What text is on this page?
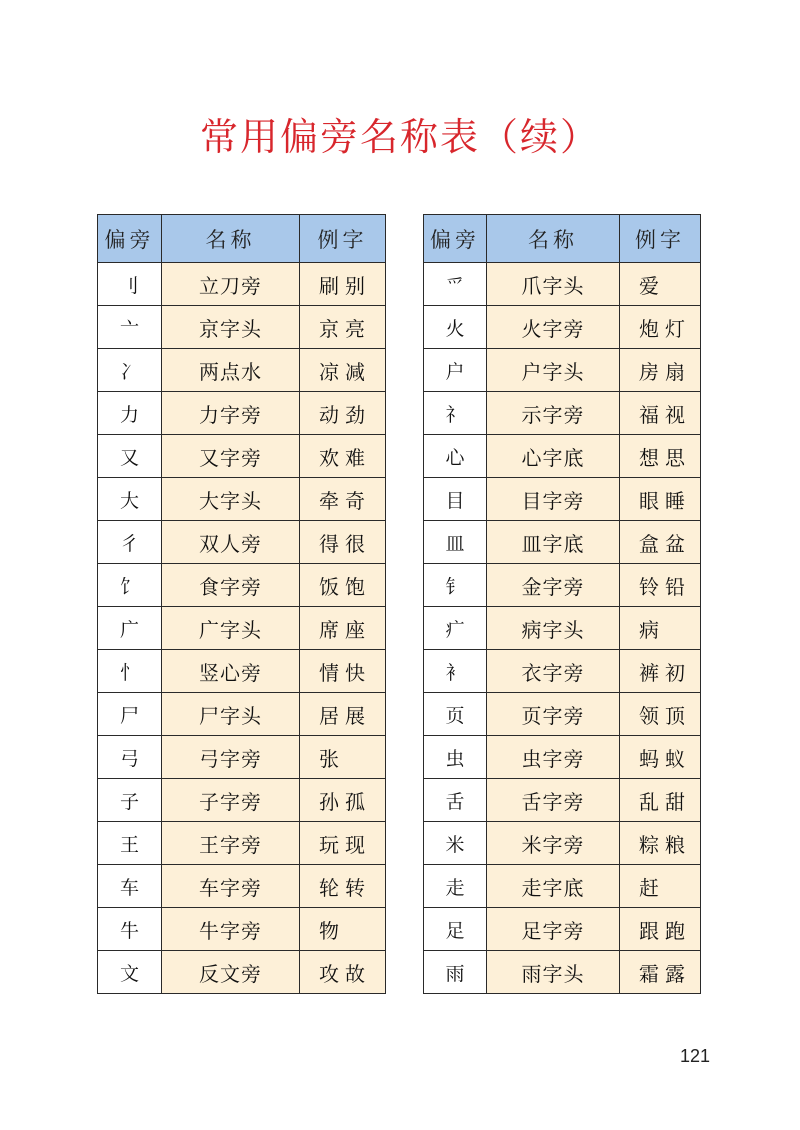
常用偏旁名称表（续）
偏旁	名称	例字
刂	立刀旁	刷别
亠	京字头	京亮
冫	两点水	凉减
力	力字旁	动劲
又	又字旁	欢难
大	大字头	牵奇
彳	双人旁	得很
饣	食字旁	饭饱
广	广字头	席座
忄	竖心旁	情快
尸	尸字头	居展
弓	弓字旁	张
子	子字旁	孙孤
王	王字旁	玩现
车	车字旁	轮转
牛	牛字旁	物
文	反文旁	攻故
偏旁	名称	例字
爫	爪字头	爱
火	火字旁	炮灯
户	户字头	房扇
礻	示字旁	福视
心	心字底	想思
目	目字旁	眼睡
皿	皿字底	盒盆
钅	金字旁	铃铅
疒	病字头	病
衤	衣字旁	裤初
页	页字旁	领顶
虫	虫字旁	蚂蚁
舌	舌字旁	乱甜
米	米字旁	粽粮
走	走字底	赶
足	足字旁	跟跑
雨	雨字头	霜露
121
